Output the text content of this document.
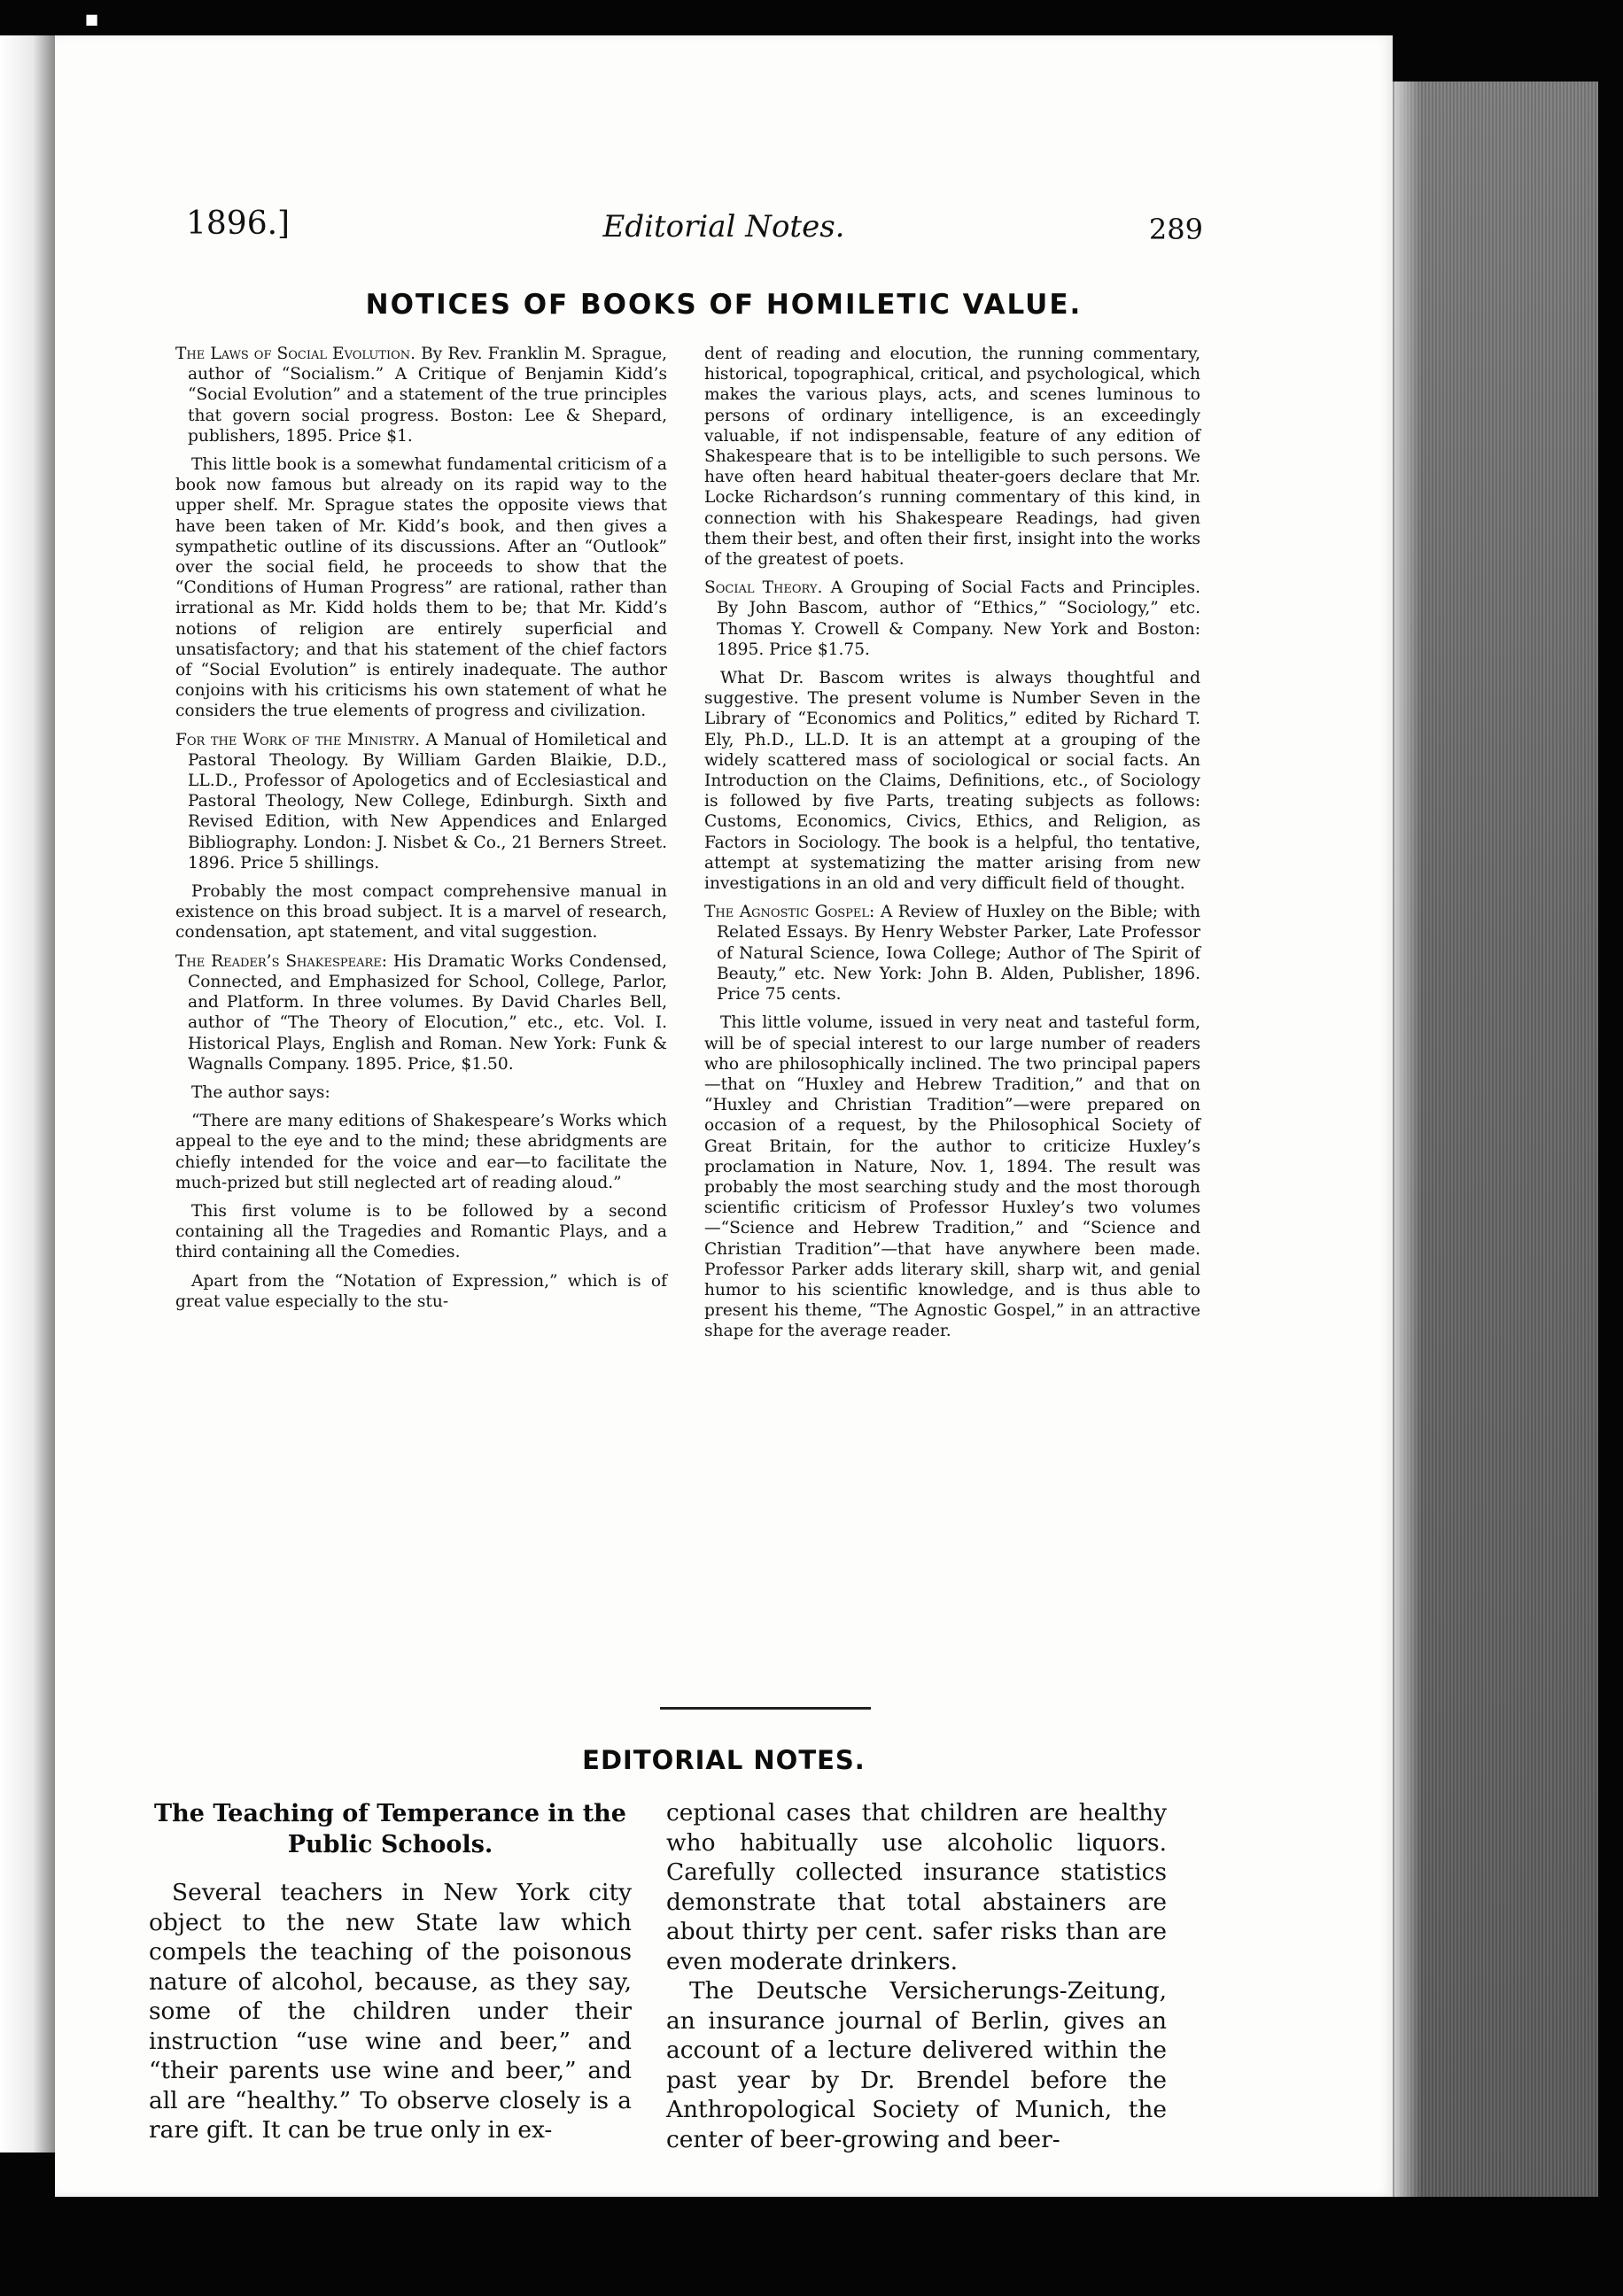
■
1896.]	Editorial Notes.	289
NOTICES OF BOOKS OF HOMILETIC VALUE.

The Laws of Social Evolution. By Rev. Franklin M. Sprague, author of “Socialism.” A Critique of Benjamin Kidd’s “Social Evolution” and a statement of the true principles that govern social progress. Boston: Lee & Shepard, publishers, 1895. Price $1.

This little book is a somewhat fundamental criticism of a book now famous but already on its rapid way to the upper shelf. Mr. Sprague states the opposite views that have been taken of Mr. Kidd’s book, and then gives a sympathetic outline of its discussions. After an “Outlook” over the social field, he proceeds to show that the “Conditions of Human Progress” are rational, rather than irrational as Mr. Kidd holds them to be; that Mr. Kidd’s notions of religion are entirely superficial and unsatisfactory; and that his statement of the chief factors of “Social Evolution” is entirely inadequate. The author conjoins with his criticisms his own statement of what he considers the true elements of progress and civilization.

For the Work of the Ministry. A Manual of Homiletical and Pastoral Theology. By William Garden Blaikie, D.D., LL.D., Professor of Apologetics and of Ecclesiastical and Pastoral Theology, New College, Edinburgh. Sixth and Revised Edition, with New Appendices and Enlarged Bibliography. London: J. Nisbet & Co., 21 Berners Street. 1896. Price 5 shillings.

Probably the most compact comprehensive manual in existence on this broad subject. It is a marvel of research, condensation, apt statement, and vital suggestion.

The Reader’s Shakespeare: His Dramatic Works Condensed, Connected, and Emphasized for School, College, Parlor, and Platform. In three volumes. By David Charles Bell, author of “The Theory of Elocution,” etc., etc. Vol. I. Historical Plays, English and Roman. New York: Funk & Wagnalls Company. 1895. Price, $1.50.

The author says:

“There are many editions of Shakespeare’s Works which appeal to the eye and to the mind; these abridgments are chiefly intended for the voice and ear—to facilitate the much-prized but still neglected art of reading aloud.”

This first volume is to be followed by a second containing all the Tragedies and Romantic Plays, and a third containing all the Comedies.

Apart from the “Notation of Expression,” which is of great value especially to the stu-

dent of reading and elocution, the running commentary, historical, topographical, critical, and psychological, which makes the various plays, acts, and scenes luminous to persons of ordinary intelligence, is an exceedingly valuable, if not indispensable, feature of any edition of Shakespeare that is to be intelligible to such persons. We have often heard habitual theater-goers declare that Mr. Locke Richardson’s running commentary of this kind, in connection with his Shakespeare Readings, had given them their best, and often their first, insight into the works of the greatest of poets.

Social Theory. A Grouping of Social Facts and Principles. By John Bascom, author of “Ethics,” “Sociology,” etc. Thomas Y. Crowell & Company. New York and Boston: 1895. Price $1.75.

What Dr. Bascom writes is always thoughtful and suggestive. The present volume is Number Seven in the Library of “Economics and Politics,” edited by Richard T. Ely, Ph.D., LL.D. It is an attempt at a grouping of the widely scattered mass of sociological or social facts. An Introduction on the Claims, Definitions, etc., of Sociology is followed by five Parts, treating subjects as follows: Customs, Economics, Civics, Ethics, and Religion, as Factors in Sociology. The book is a helpful, tho tentative, attempt at systematizing the matter arising from new investigations in an old and very difficult field of thought.

The Agnostic Gospel: A Review of Huxley on the Bible; with Related Essays. By Henry Webster Parker, Late Professor of Natural Science, Iowa College; Author of The Spirit of Beauty,” etc. New York: John B. Alden, Publisher, 1896. Price 75 cents.

This little volume, issued in very neat and tasteful form, will be of special interest to our large number of readers who are philosophically inclined. The two principal papers—that on “Huxley and Hebrew Tradition,” and that on “Huxley and Christian Tradition”—were prepared on occasion of a request, by the Philosophical Society of Great Britain, for the author to criticize Huxley’s proclamation in Nature, Nov. 1, 1894. The result was probably the most searching study and the most thorough scientific criticism of Professor Huxley’s two volumes—“Science and Hebrew Tradition,” and “Science and Christian Tradition”—that have anywhere been made. Professor Parker adds literary skill, sharp wit, and genial humor to his scientific knowledge, and is thus able to present his theme, “The Agnostic Gospel,” in an attractive shape for the average reader.

EDITORIAL NOTES.
The Teaching of Temperance in the Public Schools.

Several teachers in New York city object to the new State law which compels the teaching of the poisonous nature of alcohol, because, as they say, some of the children under their instruction “use wine and beer,” and “their parents use wine and beer,” and all are “healthy.” To observe closely is a rare gift. It can be true only in ex-

ceptional cases that children are healthy who habitually use alcoholic liquors. Carefully collected insurance statistics demonstrate that total abstainers are about thirty per cent. safer risks than are even moderate drinkers.

The Deutsche Versicherungs-Zeitung, an insurance journal of Berlin, gives an account of a lecture delivered within the past year by Dr. Brendel before the Anthropological Society of Munich, the center of beer-growing and beer-
